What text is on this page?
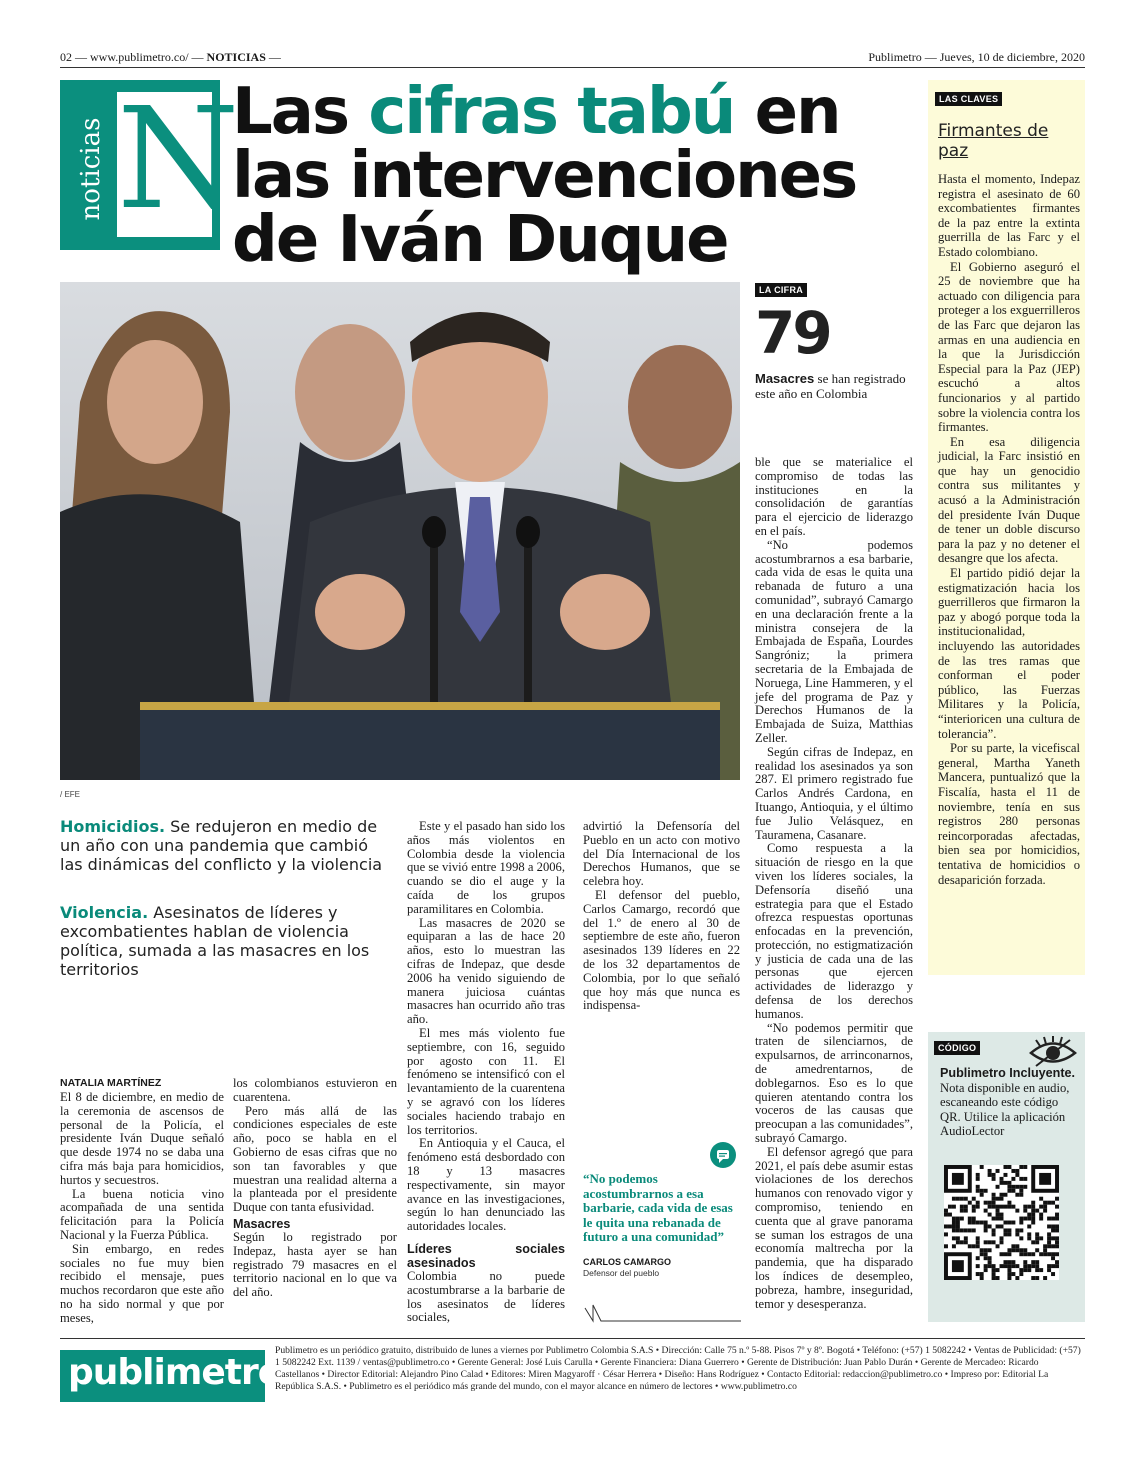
02 — www.publimetro.co/ — NOTICIAS —	Publimetro — Jueves, 10 de diciembre, 2020
noticias N
Las cifras tabú en las intervenciones de Iván Duque
/ EFE
LA CIFRA
79
Masacres se han registrado este año en Colombia
Homicidios. Se redujeron en medio de un año con una pandemia que cambió las dinámicas del conflicto y la violencia
Violencia. Asesinatos de líderes y excombatientes hablan de violencia política, sumada a las masacres en los territorios
NATALIA MARTÍNEZ

El 8 de diciembre, en medio de la ceremonia de ascensos de personal de la Policía, el presidente Iván Duque señaló que desde 1974 no se daba una cifra más baja para homicidios, hurtos y secuestros.

La buena noticia vino acompañada de una sentida felicitación para la Policía Nacional y la Fuerza Pública.

Sin embargo, en redes sociales no fue muy bien recibido el mensaje, pues muchos recordaron que este año no ha sido normal y que por meses,

los colombianos estuvieron en cuarentena.

Pero más allá de las condiciones especiales de este año, poco se habla en el Gobierno de esas cifras que no son tan favorables y que muestran una realidad alterna a la planteada por el presidente Duque con tanta efusividad.

Masacres

Según lo registrado por Indepaz, hasta ayer se han registrado 79 masacres en el territorio nacional en lo que va del año.

Este y el pasado han sido los años más violentos en Colombia desde la violencia que se vivió entre 1998 a 2006, cuando se dio el auge y la caída de los grupos paramilitares en Colombia.

Las masacres de 2020 se equiparan a las de hace 20 años, esto lo muestran las cifras de Indepaz, que desde 2006 ha venido siguiendo de manera juiciosa cuántas masacres han ocurrido año tras año.

El mes más violento fue septiembre, con 16, seguido por agosto con 11. El fenómeno se intensificó con el levantamiento de la cuarentena y se agravó con los líderes sociales haciendo trabajo en los territorios.

En Antioquia y el Cauca, el fenómeno está desbordado con 18 y 13 masacres respectivamente, sin mayor avance en las investigaciones, según lo han denunciado las autoridades locales.

Líderes sociales asesinados

Colombia no puede acostumbrarse a la barbarie de los asesinatos de líderes sociales,

advirtió la Defensoría del Pueblo en un acto con motivo del Día Internacional de los Derechos Humanos, que se celebra hoy.

El defensor del pueblo, Carlos Camargo, recordó que del 1.º de enero al 30 de septiembre de este año, fueron asesinados 139 líderes en 22 de los 32 departamentos de Colombia, por lo que señaló que hoy más que nunca es indispensa-

“No podemos acostumbrarnos a esa barbarie, cada vida de esas le quita una rebanada de futuro a una comunidad”
CARLOS CAMARGO
Defensor del pueblo

ble que se materialice el compromiso de todas las instituciones en la consolidación de garantías para el ejercicio de liderazgo en el país.

“No podemos acostumbrarnos a esa barbarie, cada vida de esas le quita una rebanada de futuro a una comunidad”, subrayó Camargo en una declaración frente a la ministra consejera de la Embajada de España, Lourdes Sangróniz; la primera secretaria de la Embajada de Noruega, Line Hammeren, y el jefe del programa de Paz y Derechos Humanos de la Embajada de Suiza, Matthias Zeller.

Según cifras de Indepaz, en realidad los asesinados ya son 287. El primero registrado fue Carlos Andrés Cardona, en Ituango, Antioquia, y el último fue Julio Velásquez, en Tauramena, Casanare.

Como respuesta a la situación de riesgo en la que viven los líderes sociales, la Defensoría diseñó una estrategia para que el Estado ofrezca respuestas oportunas enfocadas en la prevención, protección, no estigmatización y justicia de cada una de las personas que ejercen actividades de liderazgo y defensa de los derechos humanos.

“No podemos permitir que traten de silenciarnos, de expulsarnos, de arrinconarnos, de amedrentarnos, de doblegarnos. Eso es lo que quieren atentando contra los voceros de las causas que preocupan a las comunidades”, subrayó Camargo.

El defensor agregó que para 2021, el país debe asumir estas violaciones de los derechos humanos con renovado vigor y compromiso, teniendo en cuenta que al grave panorama se suman los estragos de una economía maltrecha por la pandemia, que ha disparado los índices de desempleo, pobreza, hambre, inseguridad, temor y desesperanza.

LAS CLAVES
Firmantes de paz

Hasta el momento, Indepaz registra el asesinato de 60 excombatientes firmantes de la paz entre la extinta guerrilla de las Farc y el Estado colombiano.

El Gobierno aseguró el 25 de noviembre que ha actuado con diligencia para proteger a los exguerrilleros de las Farc que dejaron las armas en una audiencia en la que la Jurisdicción Especial para la Paz (JEP) escuchó a altos funcionarios y al partido sobre la violencia contra los firmantes.

En esa diligencia judicial, la Farc insistió en que hay un genocidio contra sus militantes y acusó a la Administración del presidente Iván Duque de tener un doble discurso para la paz y no detener el desangre que los afecta.

El partido pidió dejar la estigmatización hacia los guerrilleros que firmaron la paz y abogó porque toda la institucionalidad, incluyendo las autoridades de las tres ramas que conforman el poder público, las Fuerzas Militares y la Policía, “interioricen una cultura de tolerancia”.

Por su parte, la vicefiscal general, Martha Yaneth Mancera, puntualizó que la Fiscalía, hasta el 11 de noviembre, tenía en sus registros 280 personas reincorporadas afectadas, bien sea por homicidios, tentativa de homicidios o desaparición forzada.

CÓDIGO
Publimetro Incluyente. Nota disponible en audio, escaneando este código QR. Utilice la aplicación AudioLector
publimetro
Publimetro es un periódico gratuito, distribuido de lunes a viernes por Publimetro Colombia S.A.S • Dirección: Calle 75 n.º 5-88. Pisos 7º y 8º. Bogotá • Teléfono: (+57) 1 5082242 • Ventas de Publicidad: (+57) 1 5082242 Ext. 1139 / ventas@publimetro.co • Gerente General: José Luis Carulla • Gerente Financiera: Diana Guerrero • Gerente de Distribución: Juan Pablo Durán • Gerente de Mercadeo: Ricardo Castellanos • Director Editorial: Alejandro Pino Calad • Editores: Miren Magyaroff · César Herrera • Diseño: Hans Rodríguez • Contacto Editorial: redaccion@publimetro.co • Impreso por: Editorial La República S.A.S. • Publimetro es el periódico más grande del mundo, con el mayor alcance en número de lectores • www.publimetro.co
